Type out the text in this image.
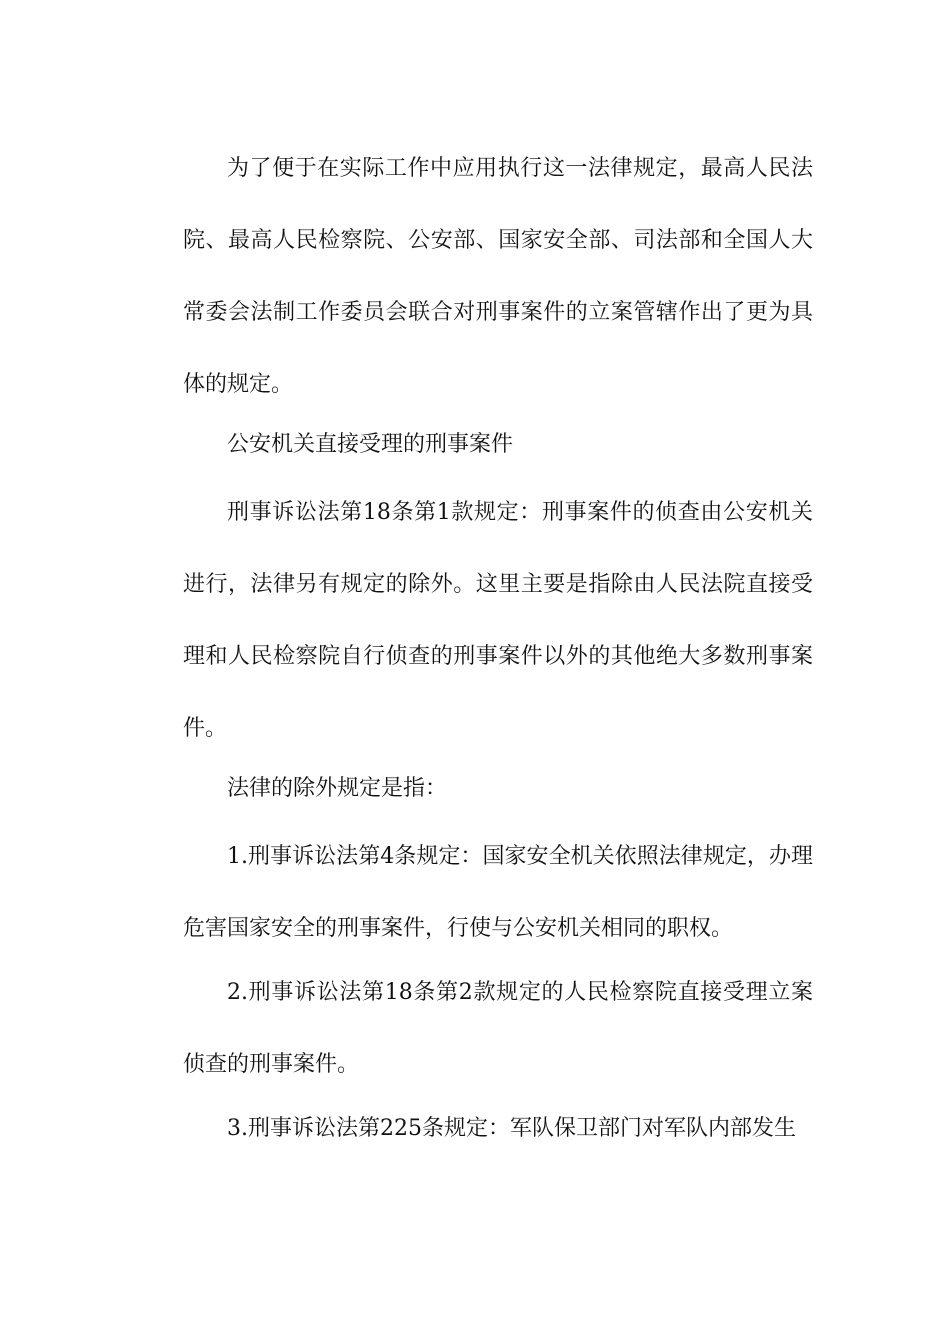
为了便于在实际工作中应用执行这一法律规定，最高人民法院、最高人民检察院、公安部、国家安全部、司法部和全国人大常委会法制工作委员会联合对刑事案件的立案管辖作出了更为具体的规定。

公安机关直接受理的刑事案件

刑事诉讼法第18条第1款规定：刑事案件的侦查由公安机关进行，法律另有规定的除外。这里主要是指除由人民法院直接受理和人民检察院自行侦查的刑事案件以外的其他绝大多数刑事案件。

法律的除外规定是指：

1.刑事诉讼法第4条规定：国家安全机关依照法律规定，办理危害国家安全的刑事案件，行使与公安机关相同的职权。

2.刑事诉讼法第18条第2款规定的人民检察院直接受理立案侦查的刑事案件。

3.刑事诉讼法第225条规定：军队保卫部门对军队内部发生
